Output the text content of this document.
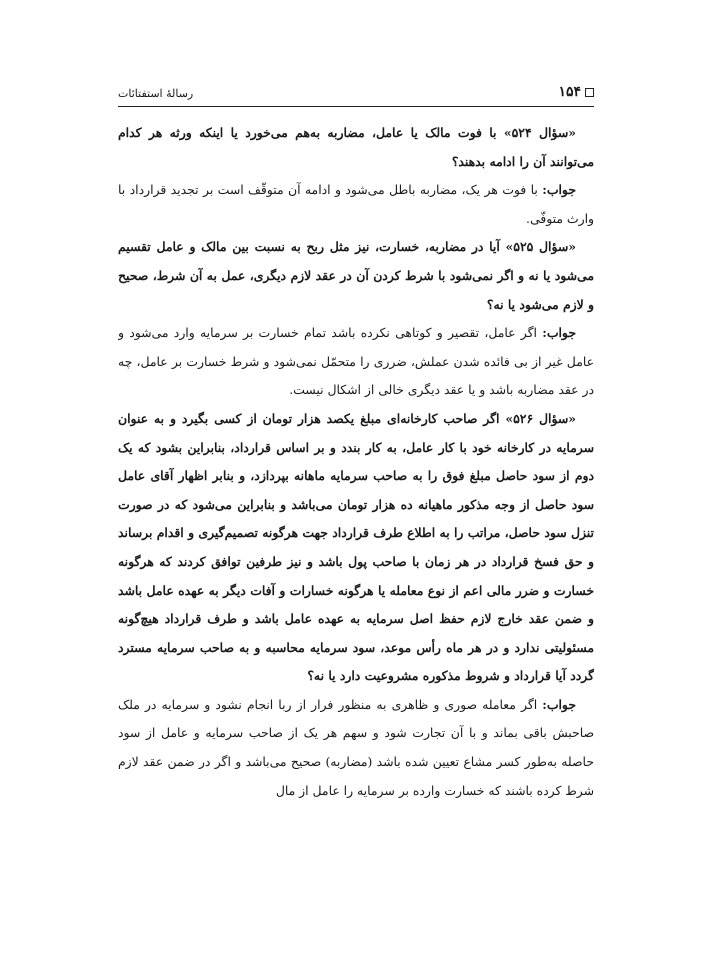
۱۵۴
رسالهٔ استفتائات

«سؤال ۵۲۴» با فوت مالک یا عامل، مضاربه به‌هم می‌خورد یا اینکه ورثه هر کدام می‌توانند آن را ادامه بدهند؟

جواب: با فوت هر یک، مضاربه باطل می‌شود و ادامه آن متوقّف است بر تجدید قرارداد با وارث متوفّی.

«سؤال ۵۲۵» آیا در مضاربه، خسارت، نیز مثل ربح به نسبت بین مالک و عامل تقسیم می‌شود یا نه و اگر نمی‌شود با شرط کردن آن در عقد لازم دیگری، عمل به آن شرط، صحیح و لازم می‌شود یا نه؟

جواب: اگر عامل، تقصیر و کوتاهی نکرده باشد تمام خسارت بر سرمایه وارد می‌شود و عامل غیر از بی فائده شدن عملش، ضرری را متحمّل نمی‌شود و شرط خسارت بر عامل، چه در عقد مضاربه باشد و یا عقد دیگری خالی از اشکال نیست.

«سؤال ۵۲۶» اگر صاحب کارخانه‌ای مبلغ یکصد هزار تومان از کسی بگیرد و به عنوان سرمایه در کارخانه خود با کار عامل، به کار بندد و بر اساس قرارداد، بنابراین بشود که یک دوم از سود حاصل مبلغ فوق را به صاحب سرمایه ماهانه بپردازد، و بنابر اظهار آقای عامل سود حاصل از وجه مذکور ماهیانه ده هزار تومان می‌باشد و بنابراین می‌شود که در صورت تنزل سود حاصل، مراتب را به اطلاع طرف قرارداد جهت هرگونه تصمیم‌گیری و اقدام برساند و حق فسخ قرارداد در هر زمان با صاحب پول باشد و نیز طرفین توافق کردند که هرگونه خسارت و ضرر مالی اعم از نوع معامله یا هرگونه خسارات و آفات دیگر به عهده عامل باشد و ضمن عقد خارج لازم حفظ اصل سرمایه به عهده عامل باشد و طرف قرارداد هیچ‌گونه مسئولیتی ندارد و در هر ماه رأس موعد، سود سرمایه محاسبه و به صاحب سرمایه مسترد گردد آیا قرارداد و شروط مذکوره مشروعیت دارد یا نه؟

جواب: اگر معامله صوری و ظاهری به منظور فرار از ربا انجام نشود و سرمایه در ملک صاحبش باقی بماند و با آن تجارت شود و سهم هر یک از صاحب سرمایه و عامل از سود حاصله به‌طور کسر مشاع تعیین شده باشد (مضاربه) صحیح می‌باشد و اگر در ضمن عقد لازم شرط کرده باشند که خسارت وارده بر سرمایه را عامل از مال
